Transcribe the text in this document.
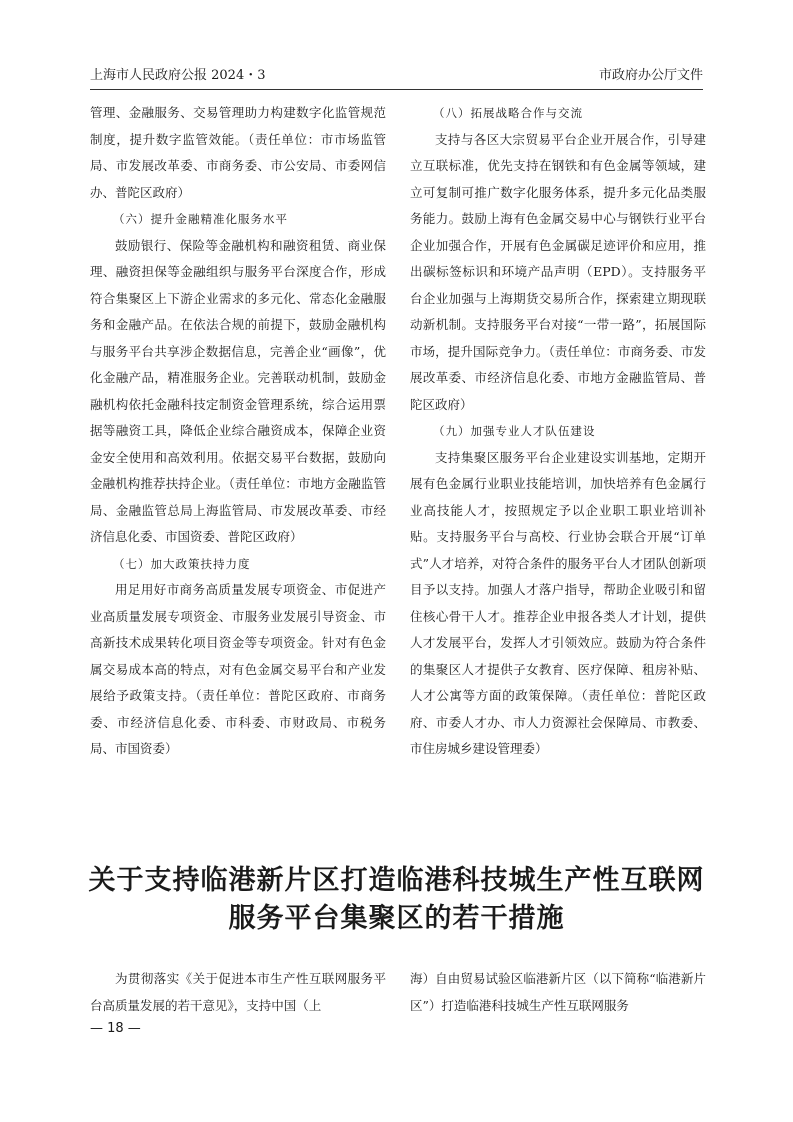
上海市人民政府公报 2024・3	市政府办公厅文件

管理、金融服务、交易管理助力构建数字化监管规范制度，提升数字监管效能。（责任单位：市市场监管局、市发展改革委、市商务委、市公安局、市委网信办、普陀区政府）

（六）提升金融精准化服务水平

鼓励银行、保险等金融机构和融资租赁、商业保理、融资担保等金融组织与服务平台深度合作，形成符合集聚区上下游企业需求的多元化、常态化金融服务和金融产品。在依法合规的前提下，鼓励金融机构与服务平台共享涉企数据信息，完善企业“画像”，优化金融产品，精准服务企业。完善联动机制，鼓励金融机构依托金融科技定制资金管理系统，综合运用票据等融资工具，降低企业综合融资成本，保障企业资金安全使用和高效利用。依据交易平台数据，鼓励向金融机构推荐扶持企业。（责任单位：市地方金融监管局、金融监管总局上海监管局、市发展改革委、市经济信息化委、市国资委、普陀区政府）

（七）加大政策扶持力度

用足用好市商务高质量发展专项资金、市促进产业高质量发展专项资金、市服务业发展引导资金、市高新技术成果转化项目资金等专项资金。针对有色金属交易成本高的特点，对有色金属交易平台和产业发展给予政策支持。（责任单位：普陀区政府、市商务委、市经济信息化委、市科委、市财政局、市税务局、市国资委）

（八）拓展战略合作与交流

支持与各区大宗贸易平台企业开展合作，引导建立互联标准，优先支持在钢铁和有色金属等领域，建立可复制可推广数字化服务体系，提升多元化品类服务能力。鼓励上海有色金属交易中心与钢铁行业平台企业加强合作，开展有色金属碳足迹评价和应用，推出碳标签标识和环境产品声明（EPD）。支持服务平台企业加强与上海期货交易所合作，探索建立期现联动新机制。支持服务平台对接“一带一路”，拓展国际市场，提升国际竞争力。（责任单位：市商务委、市发展改革委、市经济信息化委、市地方金融监管局、普陀区政府）

（九）加强专业人才队伍建设

支持集聚区服务平台企业建设实训基地，定期开展有色金属行业职业技能培训，加快培养有色金属行业高技能人才，按照规定予以企业职工职业培训补贴。支持服务平台与高校、行业协会联合开展“订单式”人才培养，对符合条件的服务平台人才团队创新项目予以支持。加强人才落户指导，帮助企业吸引和留住核心骨干人才。推荐企业申报各类人才计划，提供人才发展平台，发挥人才引领效应。鼓励为符合条件的集聚区人才提供子女教育、医疗保障、租房补贴、人才公寓等方面的政策保障。（责任单位：普陀区政府、市委人才办、市人力资源社会保障局、市教委、市住房城乡建设管理委）

关于支持临港新片区打造临港科技城生产性互联网
服务平台集聚区的若干措施

为贯彻落实《关于促进本市生产性互联网服务平台高质量发展的若干意见》，支持中国（上

海）自由贸易试验区临港新片区（以下简称“临港新片区”）打造临港科技城生产性互联网服务

— 18 —
